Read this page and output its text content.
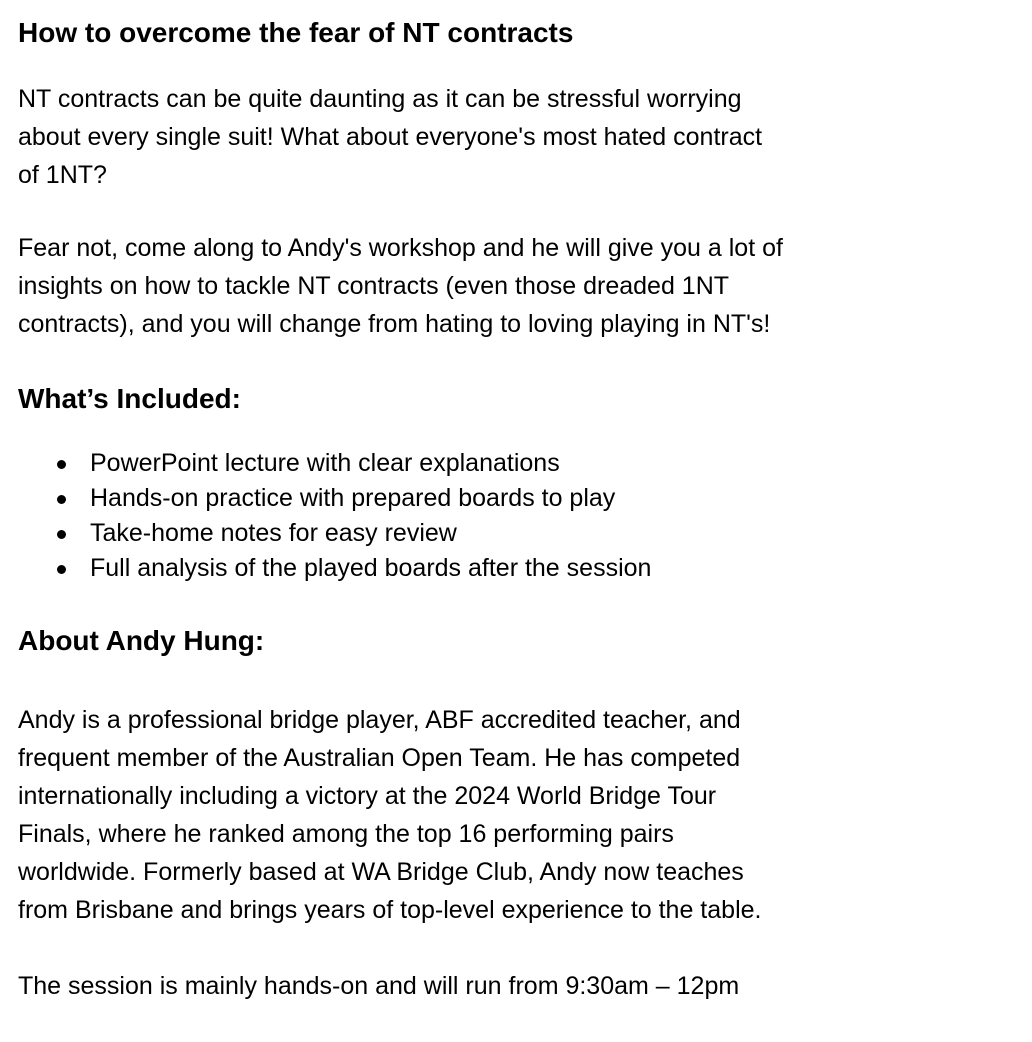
How to overcome the fear of NT contracts

NT contracts can be quite daunting as it can be stressful worrying
about every single suit! What about everyone's most hated contract
of 1NT?

Fear not, come along to Andy's workshop and he will give you a lot of
insights on how to tackle NT contracts (even those dreaded 1NT
contracts), and you will change from hating to loving playing in NT's!

What’s Included:
PowerPoint lecture with clear explanations
Hands-on practice with prepared boards to play
Take-home notes for easy review
Full analysis of the played boards after the session
About Andy Hung:

Andy is a professional bridge player, ABF accredited teacher, and
frequent member of the Australian Open Team. He has competed
internationally including a victory at the 2024 World Bridge Tour
Finals, where he ranked among the top 16 performing pairs
worldwide. Formerly based at WA Bridge Club, Andy now teaches
from Brisbane and brings years of top-level experience to the table.

The session is mainly hands-on and will run from 9:30am – 12pm
